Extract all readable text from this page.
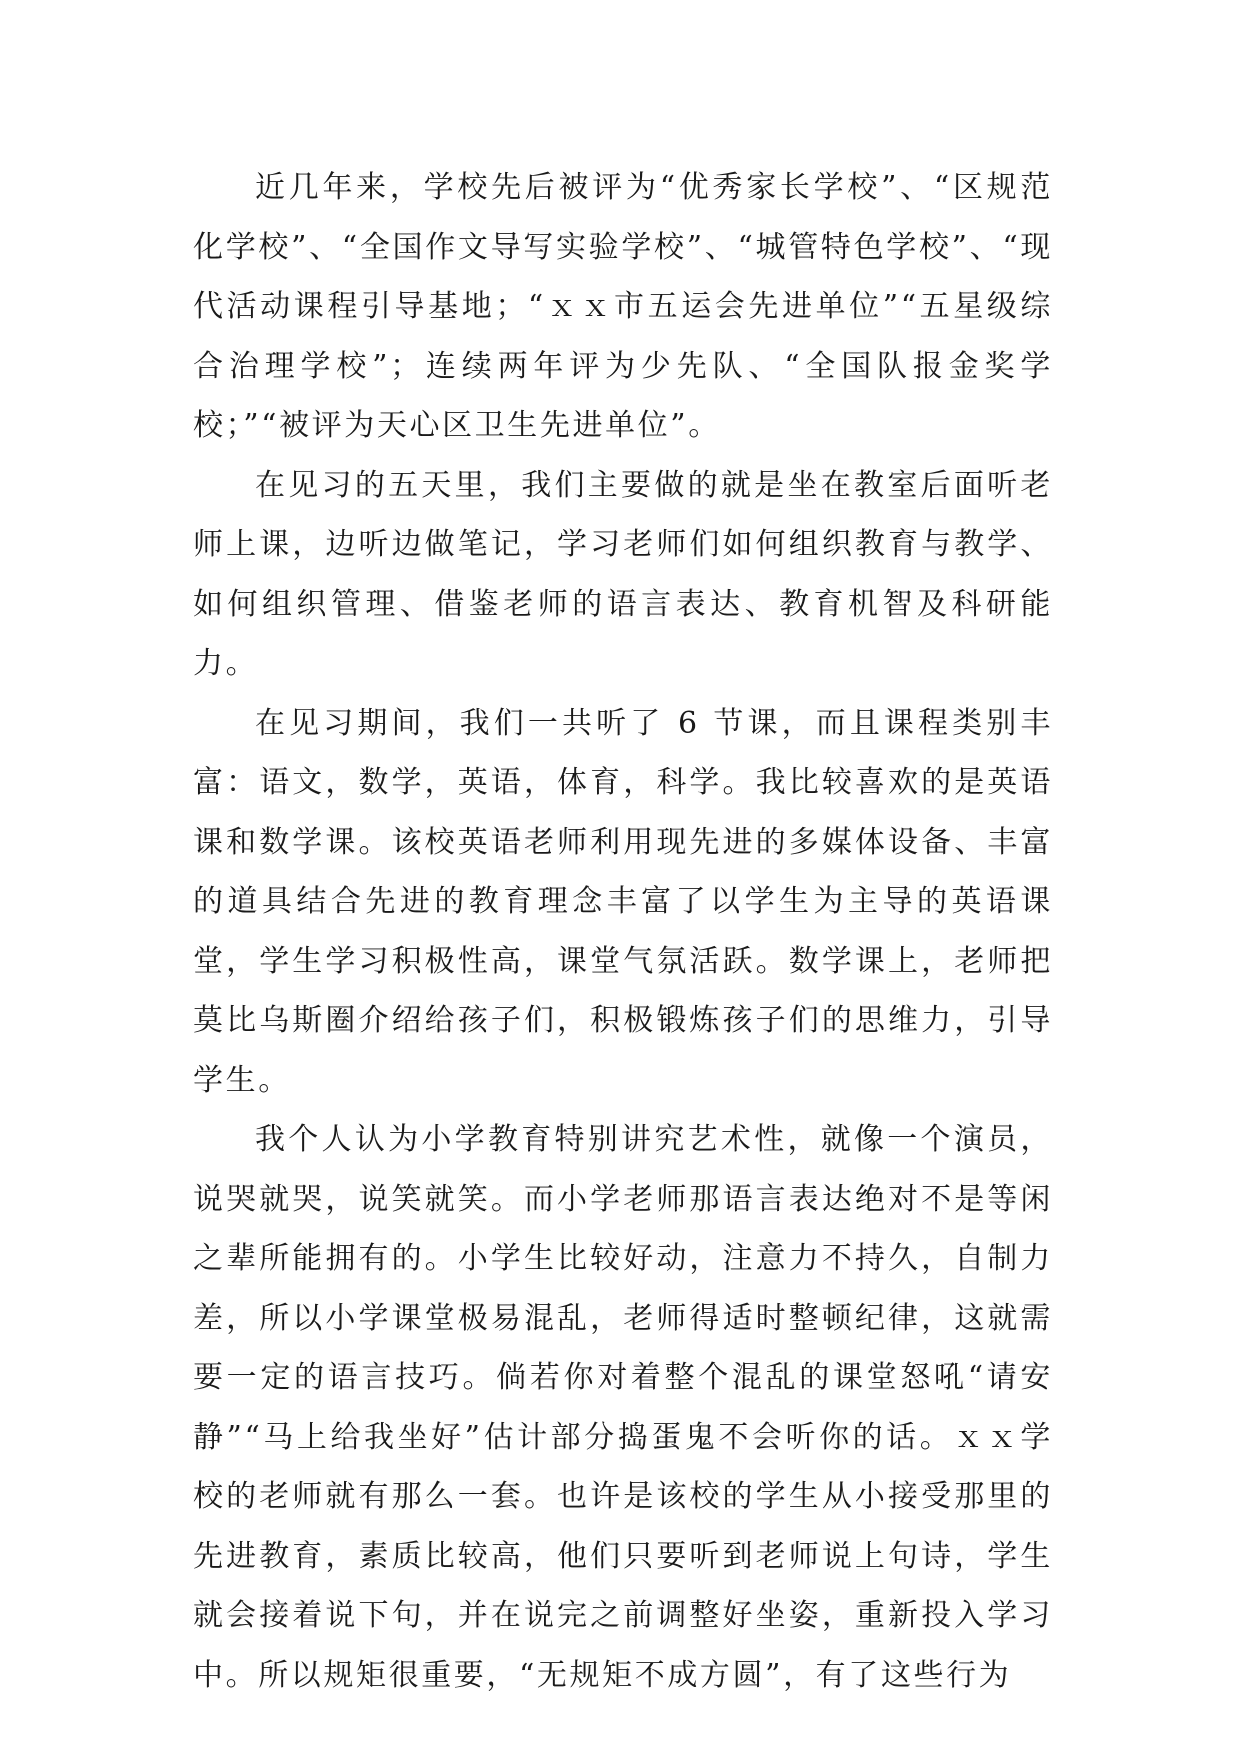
近几年来，学校先后被评为“优秀家长学校”、“区规范化学校”、“全国作文导写实验学校”、“城管特色学校”、“现代活动课程引导基地；“ｘｘ市五运会先进单位”“五星级综合治理学校”；连续两年评为少先队、“全国队报金奖学校；”“被评为天心区卫生先进单位”。

在见习的五天里，我们主要做的就是坐在教室后面听老师上课，边听边做笔记，学习老师们如何组织教育与教学、如何组织管理、借鉴老师的语言表达、教育机智及科研能力。

在见习期间，我们一共听了 6 节课，而且课程类别丰富：语文，数学，英语，体育，科学。我比较喜欢的是英语课和数学课。该校英语老师利用现先进的多媒体设备、丰富的道具结合先进的教育理念丰富了以学生为主导的英语课堂，学生学习积极性高，课堂气氛活跃。数学课上，老师把莫比乌斯圈介绍给孩子们，积极锻炼孩子们的思维力，引导学生。

我个人认为小学教育特别讲究艺术性，就像一个演员，说哭就哭，说笑就笑。而小学老师那语言表达绝对不是等闲之辈所能拥有的。小学生比较好动，注意力不持久，自制力差，所以小学课堂极易混乱，老师得适时整顿纪律，这就需要一定的语言技巧。倘若你对着整个混乱的课堂怒吼“请安静”“马上给我坐好”估计部分捣蛋鬼不会听你的话。ｘｘ学校的老师就有那么一套。也许是该校的学生从小接受那里的先进教育，素质比较高，他们只要听到老师说上句诗，学生就会接着说下句，并在说完之前调整好坐姿，重新投入学习中。所以规矩很重要，“无规矩不成方圆”，有了这些行为
